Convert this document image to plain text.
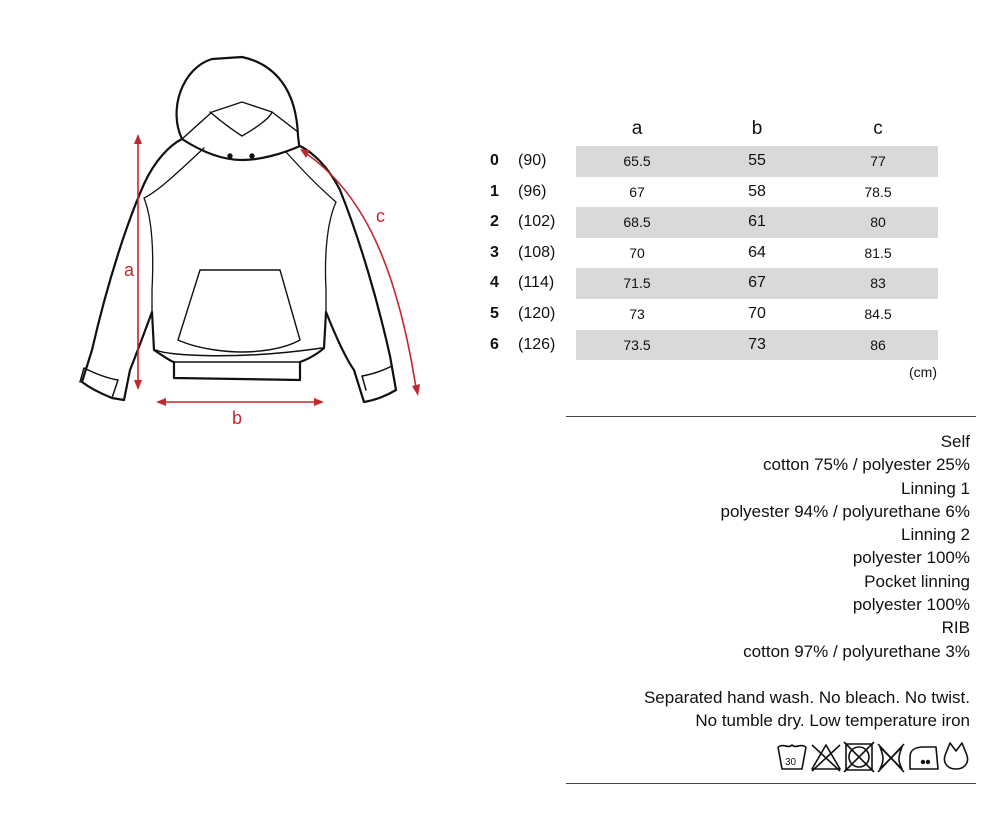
a
b
c
a	b	c
0 (90)	65.5	55	77
1 (96)	67	58	78.5
2 (102)	68.5	61	80
3 (108)	70	64	81.5
4 (114)	71.5	67	83
5 (120)	73	70	84.5
6 (126)	73.5	73	86
(cm)
Self
cotton 75% / polyester 25%
Linning 1
polyester 94% / polyurethane 6%
Linning 2
polyester 100%
Pocket linning
polyester 100%
RIB
cotton 97% / polyurethane 3%
Separated hand wash. No bleach. No twist.
No tumble dry. Low temperature iron
30
